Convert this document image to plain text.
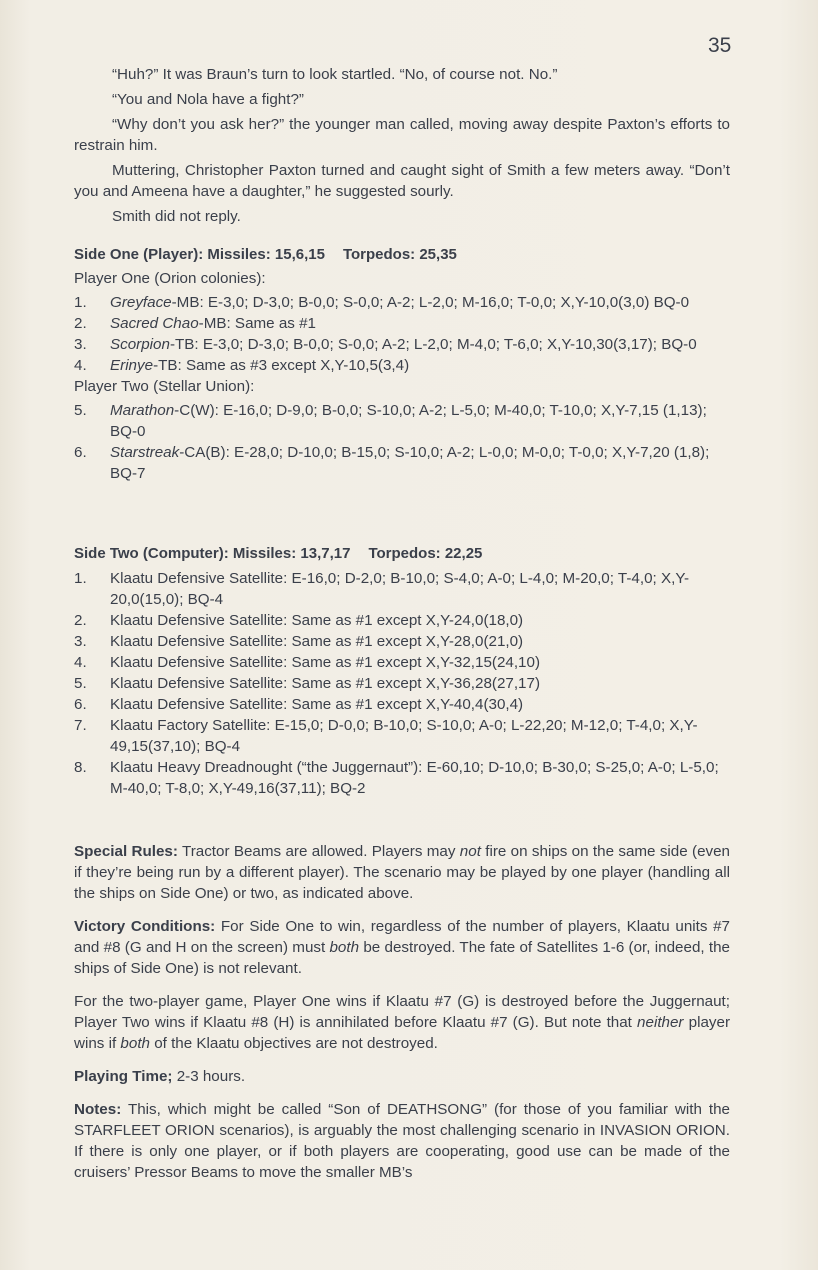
35

“Huh?” It was Braun’s turn to look startled. “No, of course not. No.”

“You and Nola have a fight?”

“Why don’t you ask her?” the younger man called, moving away despite Paxton’s efforts to restrain him.

Muttering, Christopher Paxton turned and caught sight of Smith a few meters away. “Don’t you and Ameena have a daughter,” he suggested sourly.

Smith did not reply.

Side One (Player): Missiles: 15,6,15 Torpedos: 25,35

Player One (Orion colonies):

1. Greyface-MB: E-3,0; D-3,0; B-0,0; S-0,0; A-2; L-2,0; M-16,0; T-0,0; X,Y-10,0(3,0) BQ-0
2. Sacred Chao-MB: Same as #1
3. Scorpion-TB: E-3,0; D-3,0; B-0,0; S-0,0; A-2; L-2,0; M-4,0; T-6,0; X,Y-10,30(3,17); BQ-0
4. Erinye-TB: Same as #3 except X,Y-10,5(3,4)

Player Two (Stellar Union):

5. Marathon-C(W): E-16,0; D-9,0; B-0,0; S-10,0; A-2; L-5,0; M-40,0; T-10,0; X,Y-7,15 (1,13); BQ-0
6. Starstreak-CA(B): E-28,0; D-10,0; B-15,0; S-10,0; A-2; L-0,0; M-0,0; T-0,0; X,Y-7,20 (1,8); BQ-7

Side Two (Computer): Missiles: 13,7,17 Torpedos: 22,25

1. Klaatu Defensive Satellite: E-16,0; D-2,0; B-10,0; S-4,0; A-0; L-4,0; M-20,0; T-4,0; X,Y-20,0(15,0); BQ-4
2. Klaatu Defensive Satellite: Same as #1 except X,Y-24,0(18,0)
3. Klaatu Defensive Satellite: Same as #1 except X,Y-28,0(21,0)
4. Klaatu Defensive Satellite: Same as #1 except X,Y-32,15(24,10)
5. Klaatu Defensive Satellite: Same as #1 except X,Y-36,28(27,17)
6. Klaatu Defensive Satellite: Same as #1 except X,Y-40,4(30,4)
7. Klaatu Factory Satellite: E-15,0; D-0,0; B-10,0; S-10,0; A-0; L-22,20; M-12,0; T-4,0; X,Y-49,15(37,10); BQ-4
8. Klaatu Heavy Dreadnought (“the Juggernaut”): E-60,10; D-10,0; B-30,0; S-25,0; A-0; L-5,0; M-40,0; T-8,0; X,Y-49,16(37,11); BQ-2

Special Rules: Tractor Beams are allowed. Players may not fire on ships on the same side (even if they’re being run by a different player). The scenario may be played by one player (handling all the ships on Side One) or two, as indicated above.

Victory Conditions: For Side One to win, regardless of the number of players, Klaatu units #7 and #8 (G and H on the screen) must both be destroyed. The fate of Satellites 1-6 (or, indeed, the ships of Side One) is not relevant.

For the two-player game, Player One wins if Klaatu #7 (G) is destroyed before the Juggernaut; Player Two wins if Klaatu #8 (H) is annihilated before Klaatu #7 (G). But note that neither player wins if both of the Klaatu objectives are not destroyed.

Playing Time; 2-3 hours.

Notes: This, which might be called “Son of DEATHSONG” (for those of you familiar with the STARFLEET ORION scenarios), is arguably the most challenging scenario in INVASION ORION. If there is only one player, or if both players are cooperating, good use can be made of the cruisers’ Pressor Beams to move the smaller MB’s
